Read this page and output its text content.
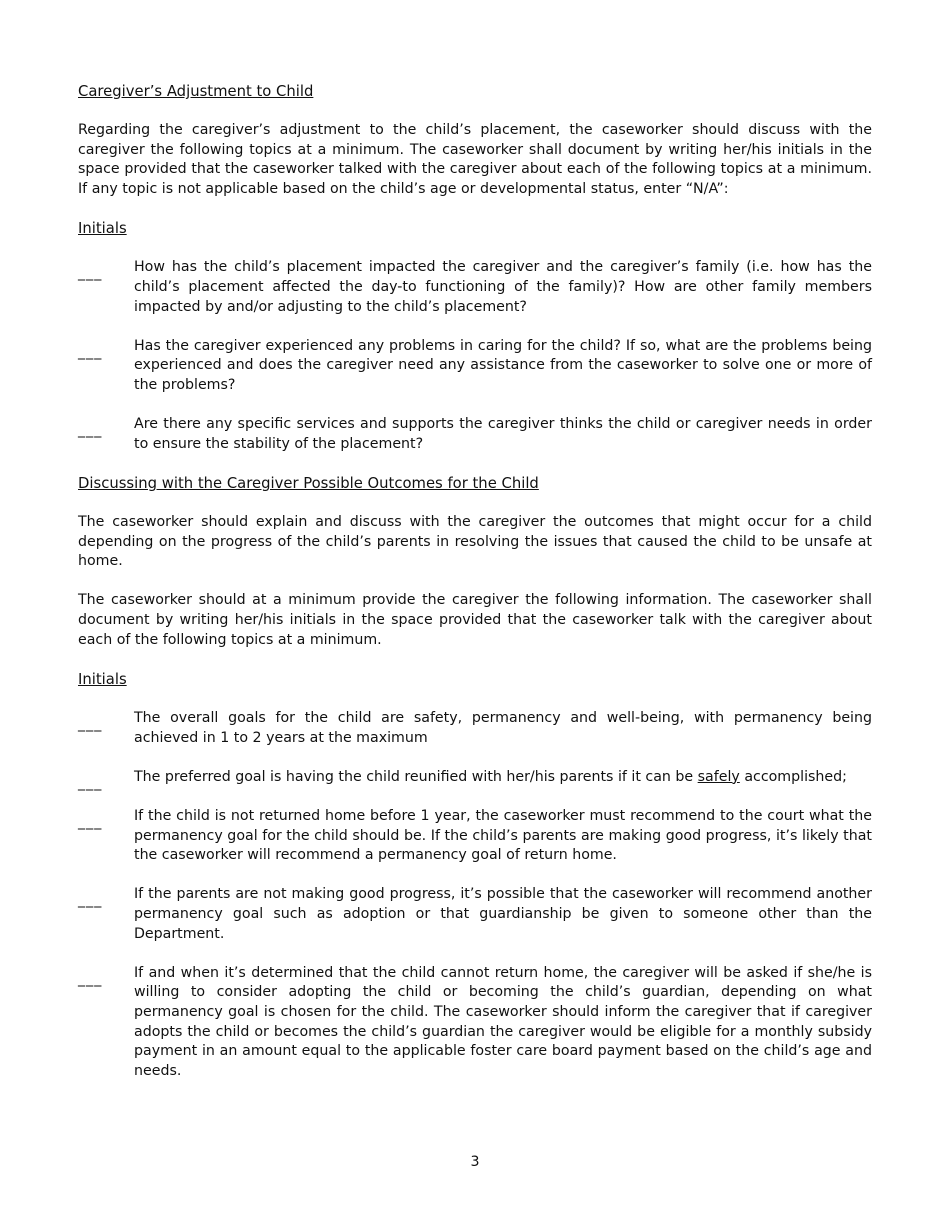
Caregiver’s Adjustment to Child

Regarding the caregiver’s adjustment to the child’s placement, the caseworker should discuss with the caregiver the following topics at a minimum. The caseworker shall document by writing her/his initials in the space provided that the caseworker talked with the caregiver about each of the following topics at a minimum. If any topic is not applicable based on the child’s age or developmental status, enter “N/A”:

Initials

___ How has the child’s placement impacted the caregiver and the caregiver’s family (i.e. how has the child’s placement affected the day-to functioning of the family)? How are other family members impacted by and/or adjusting to the child’s placement?
___ Has the caregiver experienced any problems in caring for the child? If so, what are the problems being experienced and does the caregiver need any assistance from the caseworker to solve one or more of the problems?
___ Are there any specific services and supports the caregiver thinks the child or caregiver needs in order to ensure the stability of the placement?

Discussing with the Caregiver Possible Outcomes for the Child

The caseworker should explain and discuss with the caregiver the outcomes that might occur for a child depending on the progress of the child’s parents in resolving the issues that caused the child to be unsafe at home.

The caseworker should at a minimum provide the caregiver the following information. The caseworker shall document by writing her/his initials in the space provided that the caseworker talk with the caregiver about each of the following topics at a minimum.

Initials

___ The overall goals for the child are safety, permanency and well-being, with permanency being achieved in 1 to 2 years at the maximum
___ The preferred goal is having the child reunified with her/his parents if it can be safely accomplished;
___ If the child is not returned home before 1 year, the caseworker must recommend to the court what the permanency goal for the child should be. If the child’s parents are making good progress, it’s likely that the caseworker will recommend a permanency goal of return home.
___ If the parents are not making good progress, it’s possible that the caseworker will recommend another permanency goal such as adoption or that guardianship be given to someone other than the Department.
___ If and when it’s determined that the child cannot return home, the caregiver will be asked if she/he is willing to consider adopting the child or becoming the child’s guardian, depending on what permanency goal is chosen for the child. The caseworker should inform the caregiver that if caregiver adopts the child or becomes the child’s guardian the caregiver would be eligible for a monthly subsidy payment in an amount equal to the applicable foster care board payment based on the child’s age and needs.
3
